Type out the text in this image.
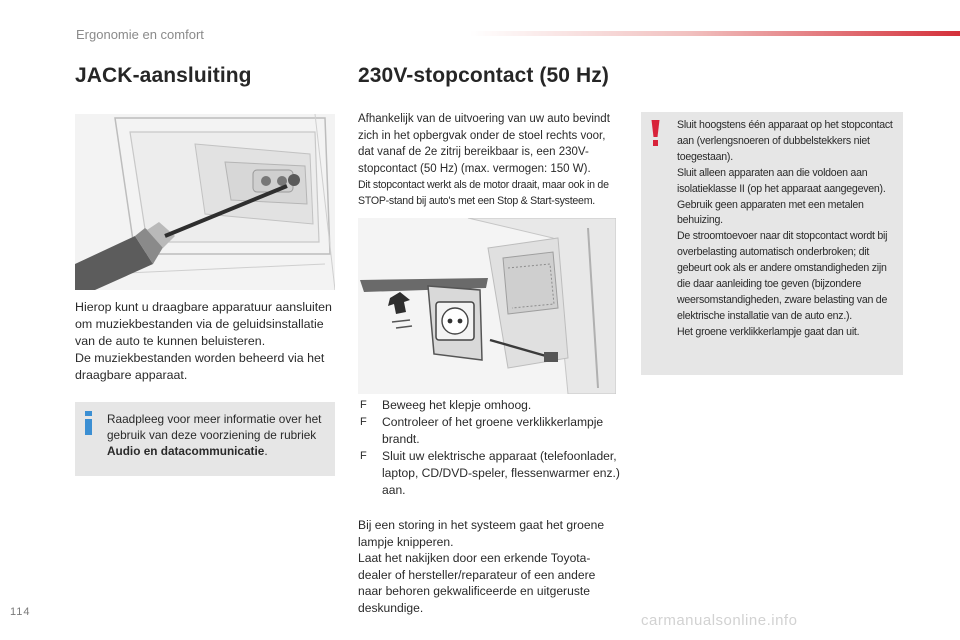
Ergonomie en comfort
JACK-aansluiting	230V-stopcontact (50 Hz)

Hierop kunt u draagbare apparatuur aansluiten om muziekbestanden via de geluidsinstallatie van de auto te kunnen beluisteren.

De muziekbestanden worden beheerd via het draagbare apparaat.

Raadpleeg voor meer informatie over het gebruik van deze voorziening de rubriek Audio en datacommunicatie.

Afhankelijk van de uitvoering van uw auto bevindt zich in het opbergvak onder de stoel rechts voor, dat vanaf de 2e zitrij bereikbaar is, een 230V-stopcontact (50 Hz) (max. vermogen: 150 W).

Dit stopcontact werkt als de motor draait, maar ook in de STOP-stand bij auto's met een Stop & Start-systeem.

Sluit hoogstens één apparaat op het stopcontact aan (verlengsnoeren of dubbelstekkers niet toegestaan).

Sluit alleen apparaten aan die voldoen aan isolatieklasse II (op het apparaat aangegeven).

Gebruik geen apparaten met een metalen behuizing.

De stroomtoevoer naar dit stopcontact wordt bij overbelasting automatisch onderbroken; dit gebeurt ook als er andere omstandigheden zijn die daar aanleiding toe geven (bijzondere weersomstandigheden, zware belasting van de elektrische installatie van de auto enz.).

Het groene verklikkerlampje gaat dan uit.

F Beweeg het klepje omhoog.
F Controleer of het groene verklikkerlampje brandt.
F Sluit uw elektrische apparaat (telefoonlader, laptop, CD/DVD-speler, flessenwarmer enz.) aan.

Bij een storing in het systeem gaat het groene lampje knipperen.

Laat het nakijken door een erkende Toyota-dealer of hersteller/reparateur of een andere naar behoren gekwalificeerde en uitgeruste deskundige.

114	carmanualsonline.info
